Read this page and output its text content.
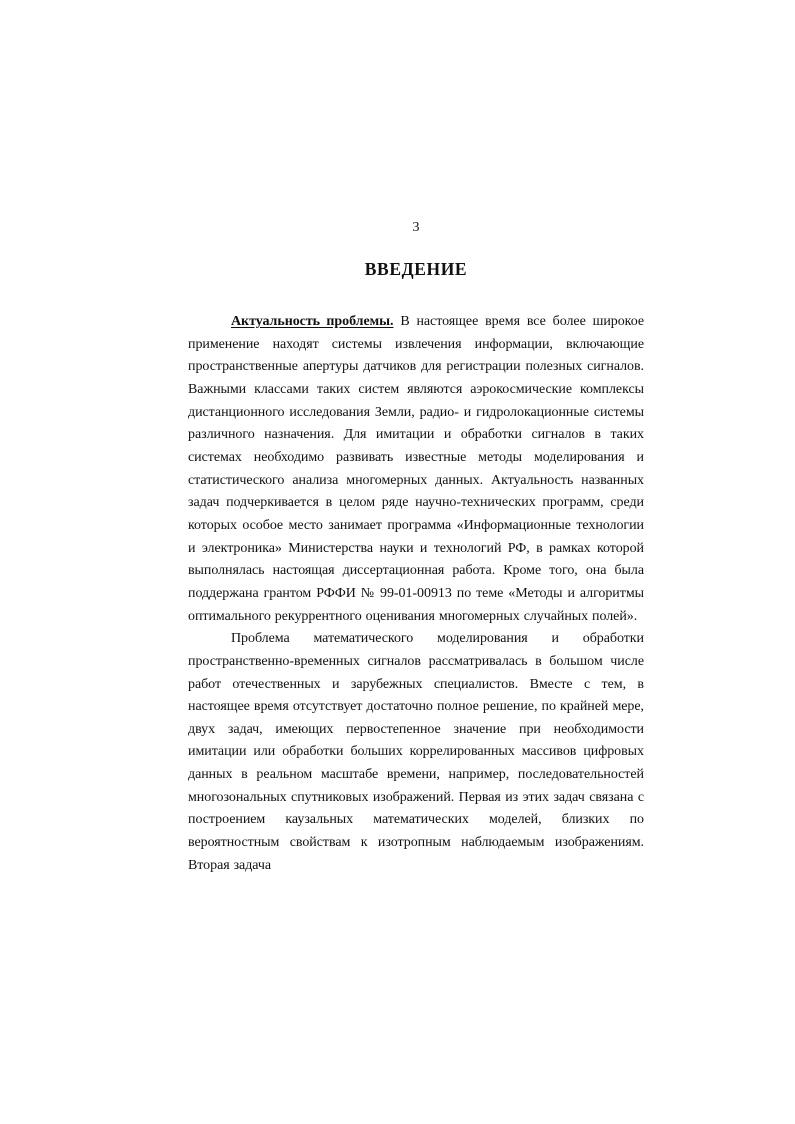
3
ВВЕДЕНИЕ

Актуальность проблемы. В настоящее время все более широкое применение находят системы извлечения информации, включающие пространственные апертуры датчиков для регистрации полезных сигналов. Важными классами таких систем являются аэрокосмические комплексы дистанционного исследования Земли, радио- и гидролокационные системы различного назначения. Для имитации и обработки сигналов в таких системах необходимо развивать известные методы моделирования и статистического анализа многомерных данных. Актуальность названных задач подчеркивается в целом ряде научно-технических программ, среди которых особое место занимает программа «Информационные технологии и электроника» Министерства науки и технологий РФ, в рамках которой выполнялась настоящая диссертационная работа. Кроме того, она была поддержана грантом РФФИ № 99-01-00913 по теме «Методы и алгоритмы оптимального рекуррентного оценивания многомерных случайных полей».

Проблема математического моделирования и обработки пространственно-временных сигналов рассматривалась в большом числе работ отечественных и зарубежных специалистов. Вместе с тем, в настоящее время отсутствует достаточно полное решение, по крайней мере, двух задач, имеющих первостепенное значение при необходимости имитации или обработки больших коррелированных массивов цифровых данных в реальном масштабе времени, например, последовательностей многозональных спутниковых изображений. Первая из этих задач связана с построением каузальных математических моделей, близких по вероятностным свойствам к изотропным наблюдаемым изображениям. Вторая задача
